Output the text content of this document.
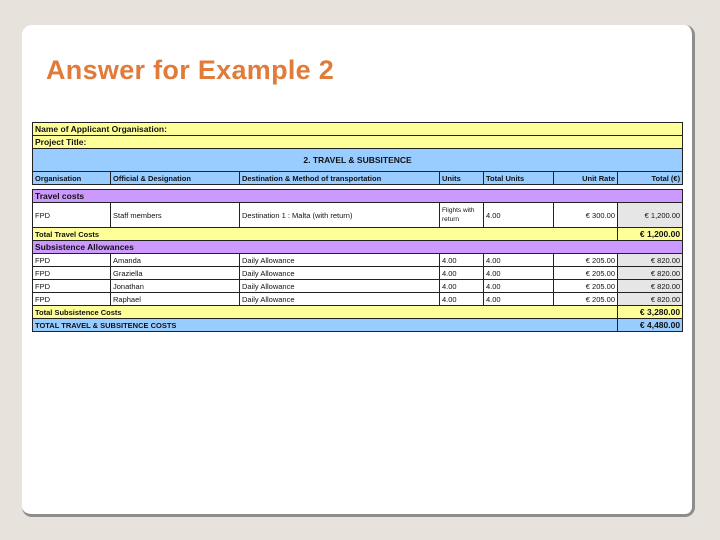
Answer for Example 2
Name of Applicant Organisation:						
Project Title:						
2. TRAVEL & SUBSITENCE						
Organisation	Official & Designation	Destination & Method of transportation	Units	Total Units	Unit Rate	Total (€)

Travel costs						
FPD	Staff members	Destination 1 : Malta (with return)	Flights with return	4.00	€ 300.00	€ 1,200.00
Total Travel Costs						€ 1,200.00
Subsistence Allowances						
FPD	Amanda	Daily Allowance	4.00	4.00	€ 205.00	€ 820.00
FPD	Graziella	Daily Allowance	4.00	4.00	€ 205.00	€ 820.00
FPD	Jonathan	Daily Allowance	4.00	4.00	€ 205.00	€ 820.00
FPD	Raphael	Daily Allowance	4.00	4.00	€ 205.00	€ 820.00
Total Subsistence Costs						€ 3,280.00
TOTAL TRAVEL & SUBSITENCE COSTS						€ 4,480.00
